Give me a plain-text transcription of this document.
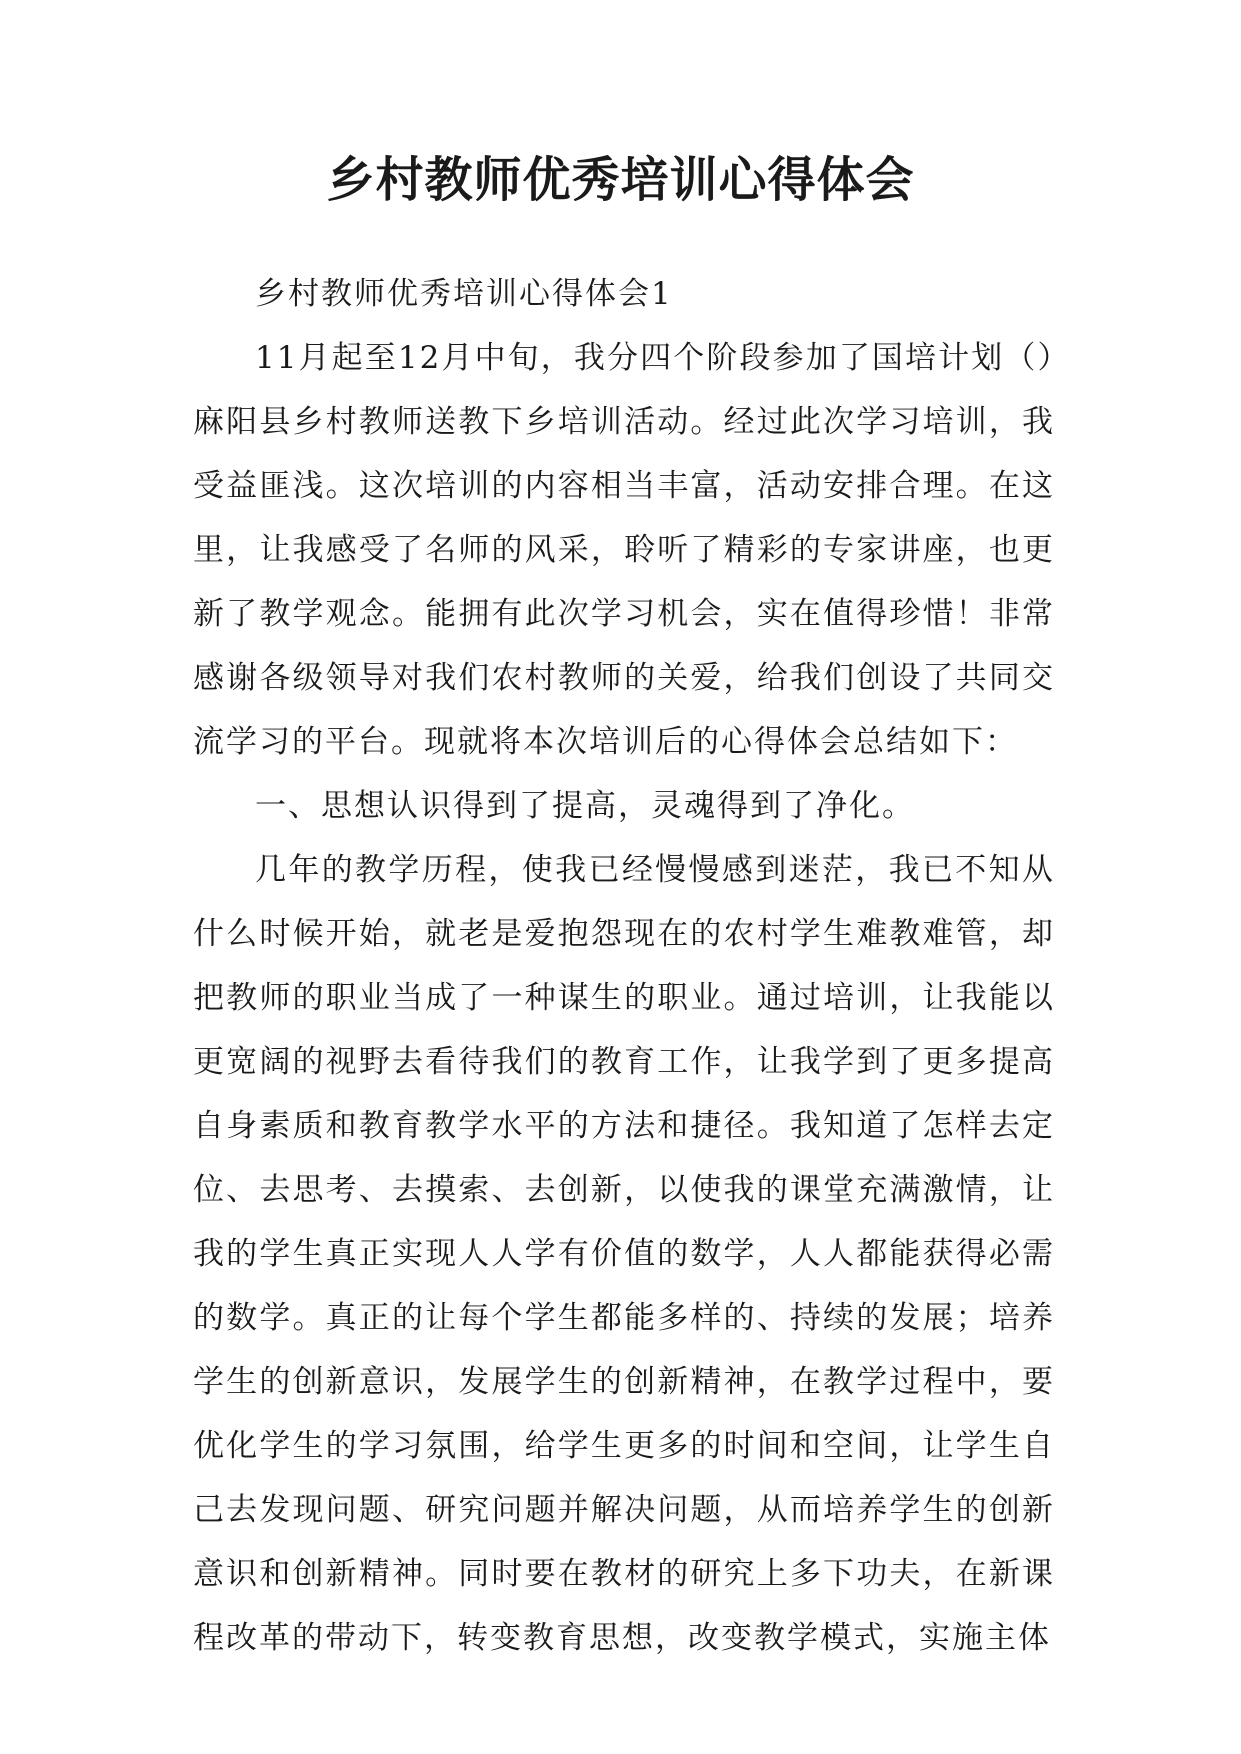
乡村教师优秀培训心得体会

乡村教师优秀培训心得体会1

11月起至12月中旬，我分四个阶段参加了国培计划（）麻阳县乡村教师送教下乡培训活动。经过此次学习培训，我受益匪浅。这次培训的内容相当丰富，活动安排合理。在这里，让我感受了名师的风采，聆听了精彩的专家讲座，也更新了教学观念。能拥有此次学习机会，实在值得珍惜！非常感谢各级领导对我们农村教师的关爱，给我们创设了共同交流学习的平台。现就将本次培训后的心得体会总结如下：

一、思想认识得到了提高，灵魂得到了净化。

几年的教学历程，使我已经慢慢感到迷茫，我已不知从什么时候开始，就老是爱抱怨现在的农村学生难教难管，却把教师的职业当成了一种谋生的职业。通过培训，让我能以更宽阔的视野去看待我们的教育工作，让我学到了更多提高自身素质和教育教学水平的方法和捷径。我知道了怎样去定位、去思考、去摸索、去创新，以使我的课堂充满激情，让我的学生真正实现人人学有价值的数学，人人都能获得必需的数学。真正的让每个学生都能多样的、持续的发展；培养学生的创新意识，发展学生的创新精神，在教学过程中，要优化学生的学习氛围，给学生更多的时间和空间，让学生自己去发现问题、研究问题并解决问题，从而培养学生的创新意识和创新精神。同时要在教材的研究上多下功夫，在新课程改革的带动下，转变教育思想，改变教学模式，实施主体
